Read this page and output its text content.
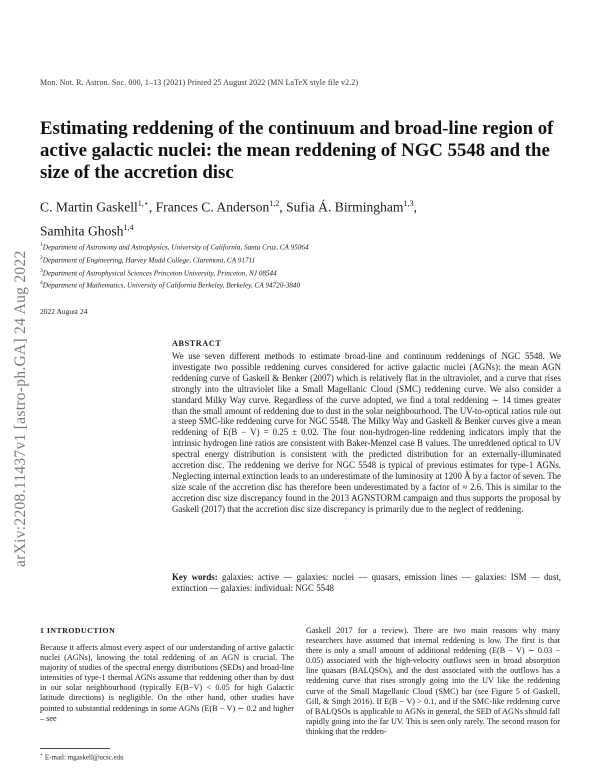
Mon. Not. R. Astron. Soc. 000, 1–13 (2021) Printed 25 August 2022 (MN LaTeX style file v2.2)
arXiv:2208.11437v1 [astro-ph.GA] 24 Aug 2022
Estimating reddening of the continuum and broad-line region of active galactic nuclei: the mean reddening of NGC 5548 and the size of the accretion disc
C. Martin Gaskell$^{1,⋆}$, Frances C. Anderson$^{1,2}$, Sufia Á. Birmingham$^{1,3}$,
Samhita Ghosh$^{1,4}$
$^1$Department of Astronomy and Astrophysics, University of California, Santa Cruz, CA 95064
$^2$Department of Engineering, Harvey Mudd College, Claremont, CA 91711
$^3$Department of Astrophysical Sciences Princeton University, Princeton, NJ 08544
$^4$Department of Mathematics, University of California Berkeley, Berkeley, CA 94720-3840
2022 August 24
ABSTRACT
We use seven different methods to estimate broad-line and continuum reddenings of NGC 5548. We investigate two possible reddening curves considered for active galactic nuclei (AGNs): the mean AGN reddening curve of Gaskell & Benker (2007) which is relatively flat in the ultraviolet, and a curve that rises strongly into the ultraviolet like a Small Magellanic Cloud (SMC) reddening curve. We also consider a standard Milky Way curve. Regardless of the curve adopted, we find a total reddening ∼ 14 times greater than the small amount of reddening due to dust in the solar neighbourhood. The UV-to-optical ratios rule out a steep SMC-like reddening curve for NGC 5548. The Milky Way and Gaskell & Benker curves give a mean reddening of E(B − V) = 0.25 ± 0.02. The four non-hydrogen-line reddening indicators imply that the intrinsic hydrogen line ratios are consistent with Baker-Menzel case B values. The unreddened optical to UV spectral energy distribution is consistent with the predicted distribution for an externally-illuminated accretion disc. The reddening we derive for NGC 5548 is typical of previous estimates for type-1 AGNs. Neglecting internal extinction leads to an underestimate of the luminosity at 1200 Å by a factor of seven. The size scale of the accretion disc has therefore been underestimated by a factor of ≈ 2.6. This is similar to the accretion disc size discrepancy found in the 2013 AGNSTORM campaign and thus supports the proposal by Gaskell (2017) that the accretion disc size discrepancy is primarily due to the neglect of reddening.
Key words: galaxies: active — galaxies: nuclei — quasars, emission lines — galaxies: ISM — dust, extinction — galaxies: individual: NGC 5548
1 INTRODUCTION
Because it affects almost every aspect of our understanding of active galactic nuclei (AGNs), knowing the total reddening of an AGN is crucial. The majority of studies of the spectral energy distributions (SEDs) and broad-line intensities of type-1 thermal AGNs assume that reddening other than by dust in our solar neighbourhood (typically E(B−V) < 0.05 for high Galactic latitude directions) is negligible. On the other hand, other studies have pointed to substantial reddenings in some AGNs (E(B − V) ∼ 0.2 and higher – see
Gaskell 2017 for a review). There are two main reasons why many researchers have assumed that internal reddening is low. The first is that there is only a small amount of additional reddening (E(B − V) ∼ 0.03 − 0.05) associated with the high-velocity outflows seen in broad absorption line quasars (BALQSOs), and the dust associated with the outflows has a reddening curve that rises strongly going into the UV like the reddening curve of the Small Magellanic Cloud (SMC) bar (see Figure 5 of Gaskell, Gill, & Singh 2016). If E(B − V) > 0.1, and if the SMC-like reddening curve of BALQSOs is applicable to AGNs in general, the SED of AGNs should fall rapidly going into the far UV. This is seen only rarely. The second reason for thinking that the redden-
⋆ E-mail: mgaskell@ucsc.edu
